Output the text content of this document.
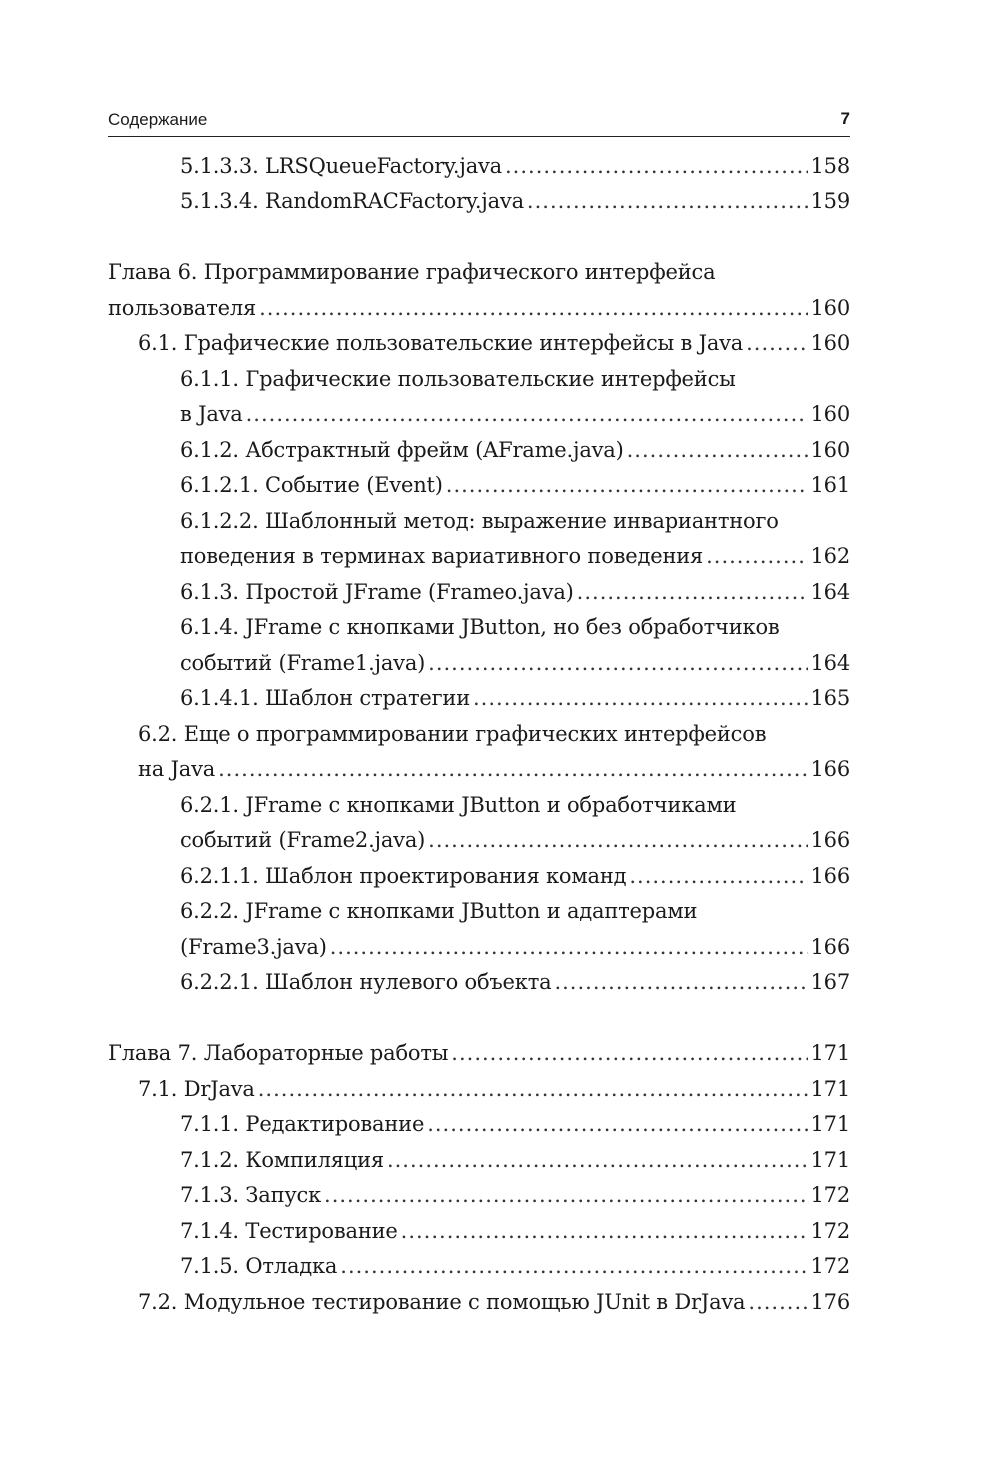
Содержание	7
5.1.3.3. LRSQueueFactory.java .....	158
5.1.3.4. RandomRACFactory.java .....	159
Глава 6. Программирование графического интерфейса
пользователя .....	160
6.1. Графические пользовательские интерфейсы в Java .....	160
6.1.1. Графические пользовательские интерфейсы
в Java .....	160
6.1.2. Абстрактный фрейм (AFrame.java) .....	160
6.1.2.1. Событие (Event) .....	161
6.1.2.2. Шаблонный метод: выражение инвариантного
поведения в терминах вариативного поведения .....	162
6.1.3. Простой JFrame (Frameo.java) .....	164
6.1.4. JFrame с кнопками JButton, но без обработчиков
событий (Frame1.java) .....	164
6.1.4.1. Шаблон стратегии .....	165
6.2. Еще о программировании графических интерфейсов
на Java .....	166
6.2.1. JFrame с кнопками JButton и обработчиками
событий (Frame2.java) .....	166
6.2.1.1. Шаблон проектирования команд .....	166
6.2.2. JFrame с кнопками JButton и адаптерами
(Frame3.java) .....	166
6.2.2.1. Шаблон нулевого объекта .....	167
Глава 7. Лабораторные работы .....	171
7.1. DrJava .....	171
7.1.1. Редактирование .....	171
7.1.2. Компиляция .....	171
7.1.3. Запуск .....	172
7.1.4. Тестирование .....	172
7.1.5. Отладка .....	172
7.2. Модульное тестирование с помощью JUnit в DrJava .....	176
